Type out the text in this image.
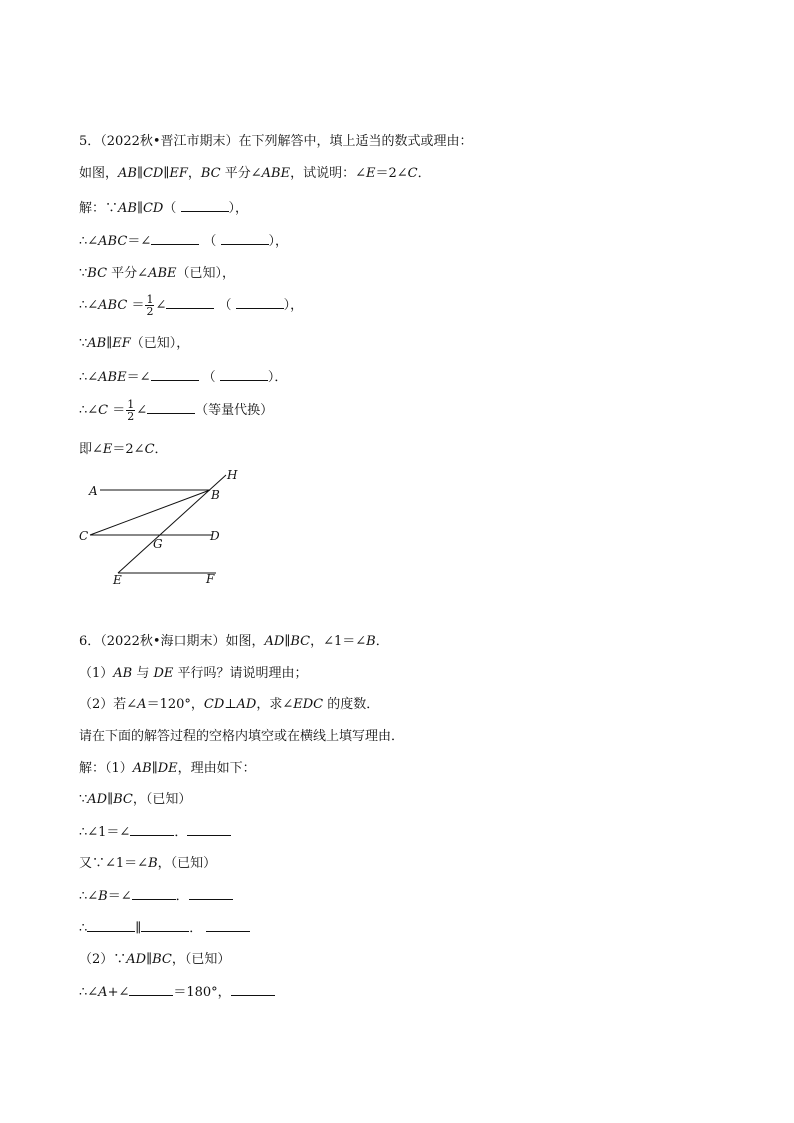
5．（2022秋•晋江市期末）在下列解答中，填上适当的数式或理由：
如图，AB∥CD∥EF，BC 平分∠ABE，试说明：∠E＝2∠C．
解：∵AB∥CD（	），
∴∠ABC＝∠	（	），
∵BC 平分∠ABE（已知），
∴∠ABC ＝ $\frac{1}{2}$ ∠	（	），
∵AB∥EF（已知），
∴∠ABE＝∠	（	）．
∴∠C ＝ $\frac{1}{2}$ ∠	（等量代换）
即∠E＝2∠C．
A	B
C	D
E	F
G
H
6．（2022秋•海口期末）如图，AD∥BC，∠1＝∠B．
（1）AB 与 DE 平行吗？请说明理由；
（2）若∠A＝120°，CD⊥AD，求∠EDC 的度数．
请在下面的解答过程的空格内填空或在横线上填写理由．
解：（1）AB∥DE，理由如下：
∵AD∥BC，（已知）
∴∠1＝∠	．
又∵∠1＝∠B，（已知）
∴∠B＝∠	．
∴	∥	．
（2）∵AD∥BC，（已知）
∴∠A+∠	＝180°，
